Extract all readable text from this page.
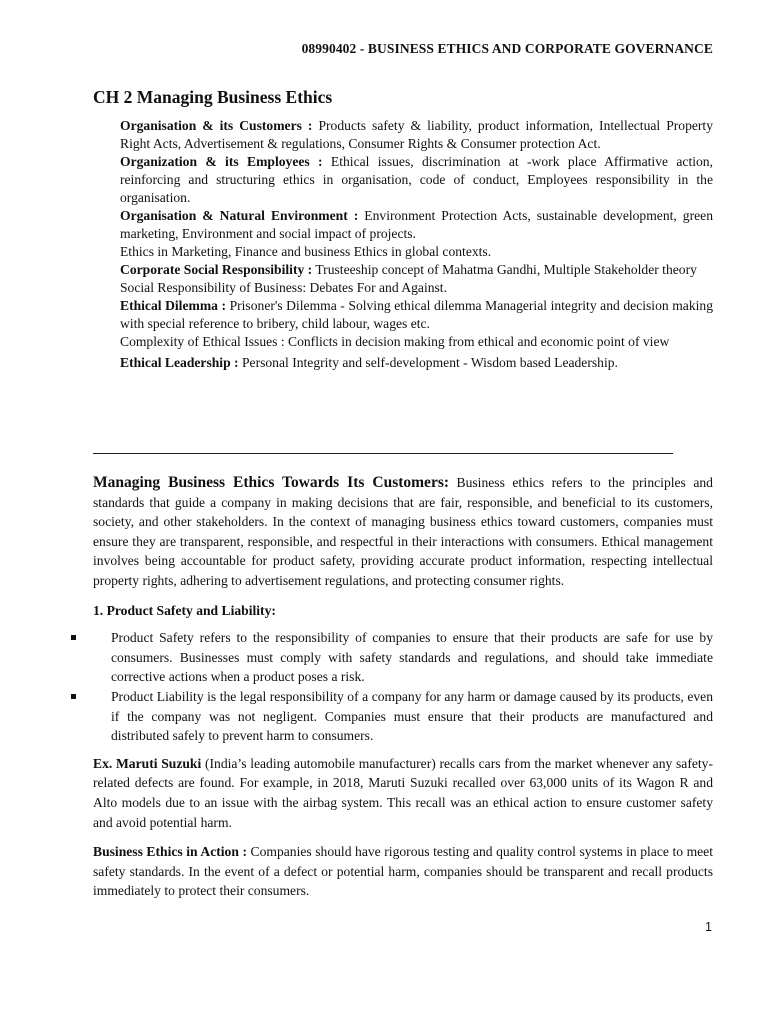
08990402 - BUSINESS ETHICS AND CORPORATE GOVERNANCE
CH 2 Managing Business Ethics

Organisation & its Customers : Products safety & liability, product information, Intellectual Property Right Acts, Advertisement & regulations, Consumer Rights & Consumer protection Act.

Organization & its Employees : Ethical issues, discrimination at -work place Affirmative action, reinforcing and structuring ethics in organisation, code of conduct, Employees responsibility in the organisation.

Organisation & Natural Environment : Environment Protection Acts, sustainable development, green marketing, Environment and social impact of projects.

Ethics in Marketing, Finance and business Ethics in global contexts.

Corporate Social Responsibility : Trusteeship concept of Mahatma Gandhi, Multiple Stakeholder theory

Social Responsibility of Business: Debates For and Against.

Ethical Dilemma : Prisoner's Dilemma - Solving ethical dilemma Managerial integrity and decision making with special reference to bribery, child labour, wages etc.

Complexity of Ethical Issues : Conflicts in decision making from ethical and economic point of view

Ethical Leadership : Personal Integrity and self-development - Wisdom based Leadership.

Managing Business Ethics Towards Its Customers: Business ethics refers to the principles and standards that guide a company in making decisions that are fair, responsible, and beneficial to its customers, society, and other stakeholders. In the context of managing business ethics toward customers, companies must ensure they are transparent, responsible, and respectful in their interactions with consumers. Ethical management involves being accountable for product safety, providing accurate product information, respecting intellectual property rights, adhering to advertisement regulations, and protecting consumer rights.

1. Product Safety and Liability:

Product Safety refers to the responsibility of companies to ensure that their products are safe for use by consumers. Businesses must comply with safety standards and regulations, and should take immediate corrective actions when a product poses a risk.
Product Liability is the legal responsibility of a company for any harm or damage caused by its products, even if the company was not negligent. Companies must ensure that their products are manufactured and distributed safely to prevent harm to consumers.

Ex. Maruti Suzuki (India’s leading automobile manufacturer) recalls cars from the market whenever any safety-related defects are found. For example, in 2018, Maruti Suzuki recalled over 63,000 units of its Wagon R and Alto models due to an issue with the airbag system. This recall was an ethical action to ensure customer safety and avoid potential harm.

Business Ethics in Action : Companies should have rigorous testing and quality control systems in place to meet safety standards. In the event of a defect or potential harm, companies should be transparent and recall products immediately to protect their consumers.

1
